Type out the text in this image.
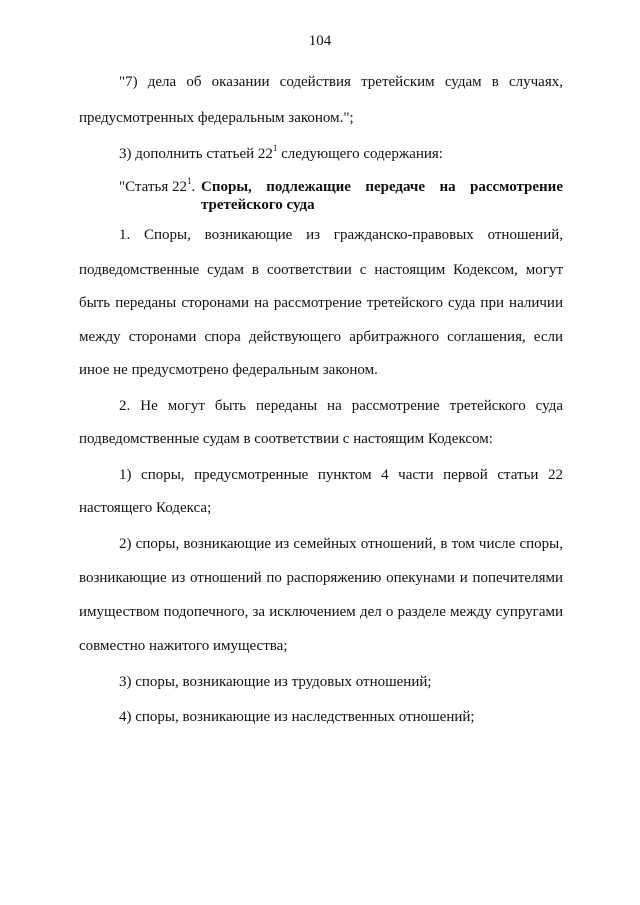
104
"7) дела об оказании содействия третейским судам в случаях,
предусмотренных федеральным законом.";
3) дополнить статьей $22^1$ следующего содержания:
"Статья $22^1$. Споры, подлежащие передаче на рассмотрение
третейского суда
1. Споры, возникающие из гражданско-правовых отношений,
подведомственные судам в соответствии с настоящим Кодексом, могут
быть переданы сторонами на рассмотрение третейского суда при наличии
между сторонами спора действующего арбитражного соглашения, если
иное не предусмотрено федеральным законом.
2. Не могут быть переданы на рассмотрение третейского суда
подведомственные судам в соответствии с настоящим Кодексом:
1) споры, предусмотренные пунктом 4 части первой статьи 22
настоящего Кодекса;
2) споры, возникающие из семейных отношений, в том числе споры,
возникающие из отношений по распоряжению опекунами и попечителями
имуществом подопечного, за исключением дел о разделе между супругами
совместно нажитого имущества;
3) споры, возникающие из трудовых отношений;
4) споры, возникающие из наследственных отношений;
